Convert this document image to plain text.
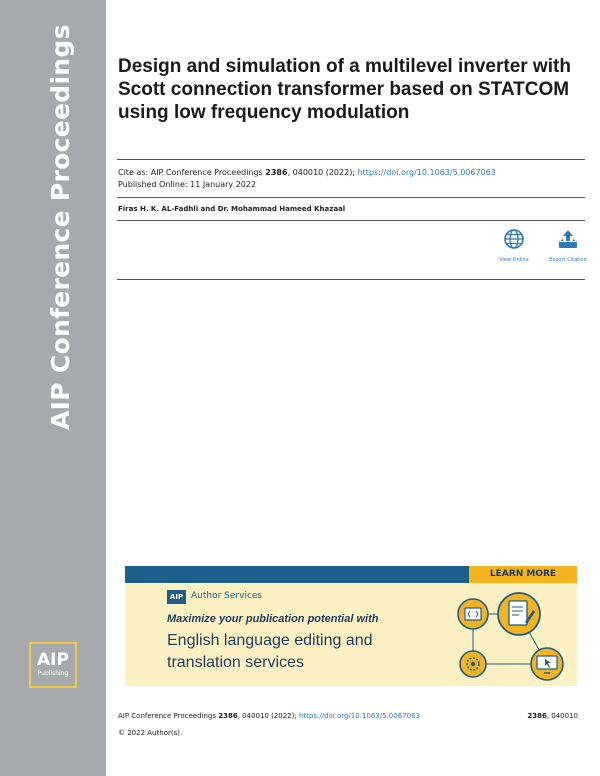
AIP Conference Proceedings
AIP
Publishing
Design and simulation of a multilevel inverter with Scott connection transformer based on STATCOM using low frequency modulation
Cite as: AIP Conference Proceedings 2386, 040010 (2022); https://doi.org/10.1063/5.0067063
Published Online: 11 January 2022
Firas H. K. AL-Fadhli and Dr. Mohammad Hameed Khazaal
View Online	Export Citation
LEARN MORE
AIP Author Services
Maximize your publication potential with
English language editing and
translation services
AIP Conference Proceedings 2386, 040010 (2022); https://doi.org/10.1063/5.0067063	2386, 040010
© 2022 Author(s).
